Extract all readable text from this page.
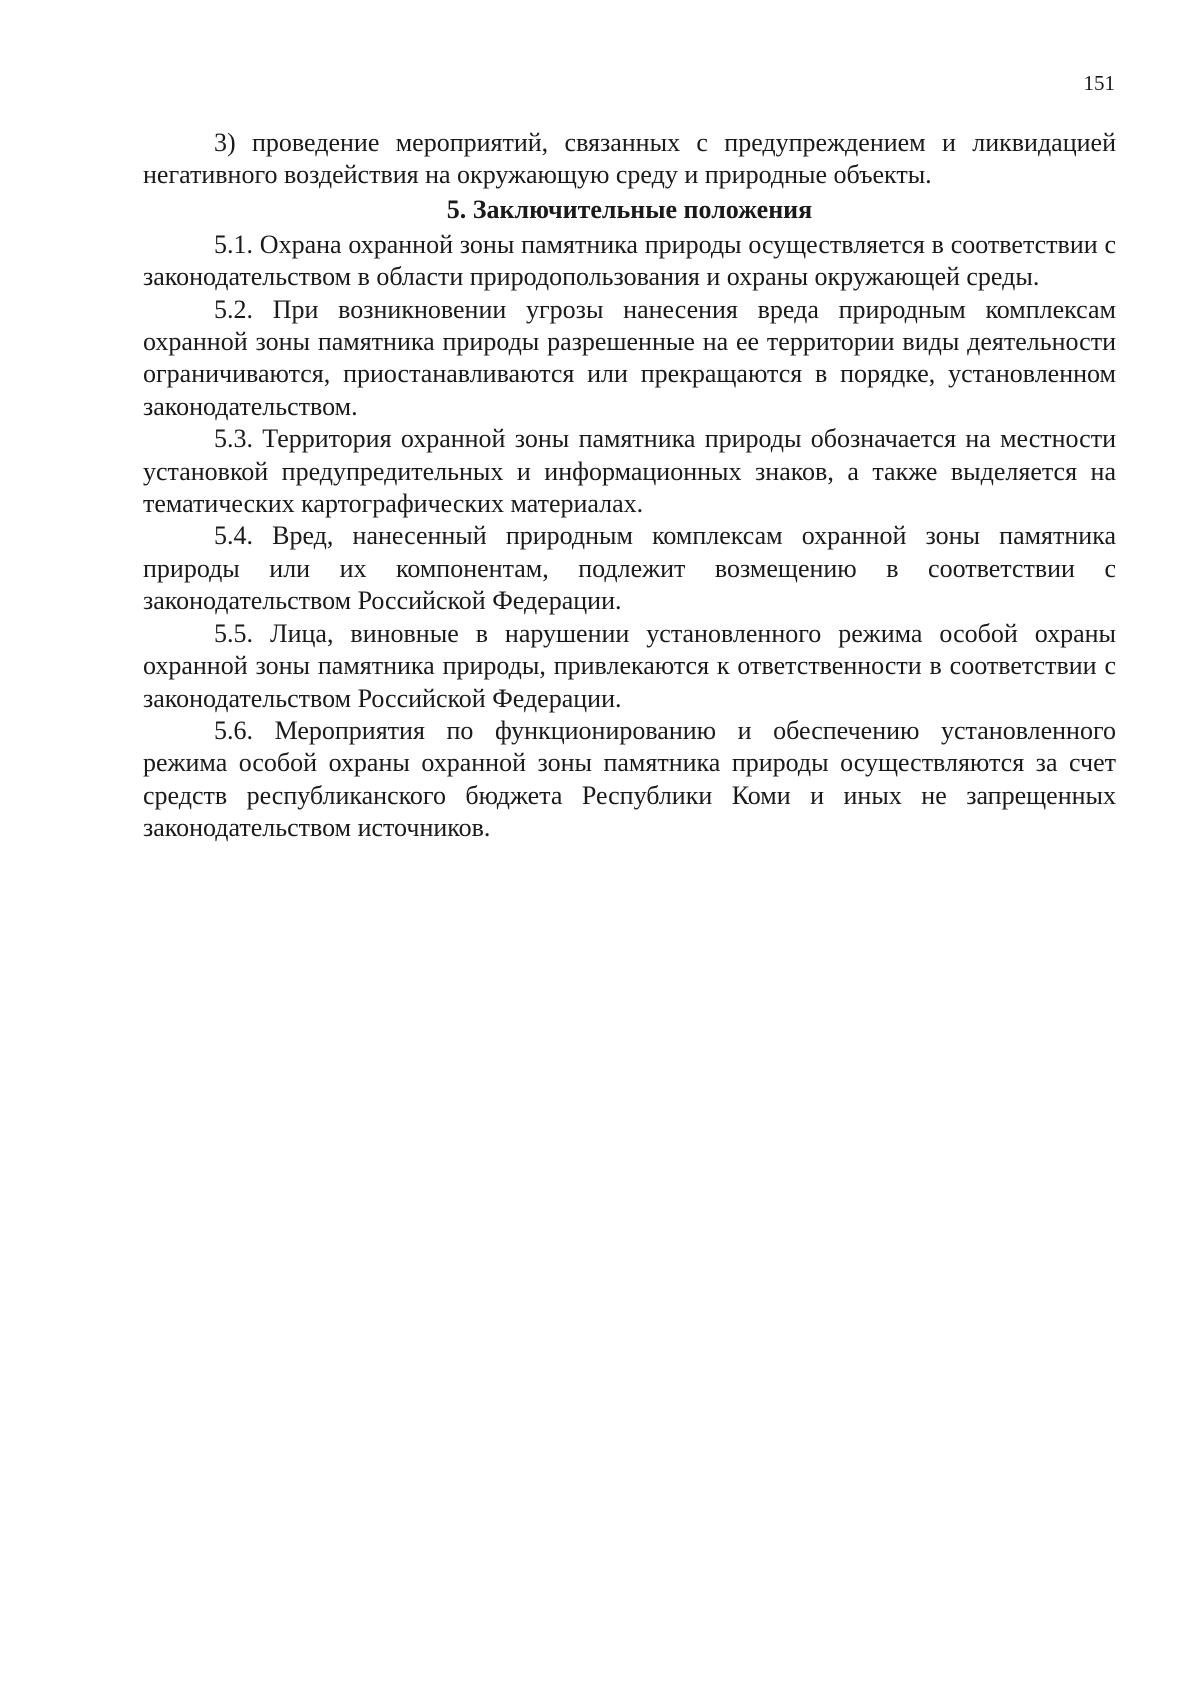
151

3) проведение мероприятий, связанных с предупреждением и ликвидацией негативного воздействия на окружающую среду и природные объекты.

5. Заключительные положения

5.1. Охрана охранной зоны памятника природы осуществляется в соответствии с законодательством в области природопользования и охраны окружающей среды.

5.2. При возникновении угрозы нанесения вреда природным комплексам охранной зоны памятника природы разрешенные на ее территории виды деятельности ограничиваются, приостанавливаются или прекращаются в порядке, установленном законодательством.

5.3. Территория охранной зоны памятника природы обозначается на местности установкой предупредительных и информационных знаков, а также выделяется на тематических картографических материалах.

5.4. Вред, нанесенный природным комплексам охранной зоны памятника природы или их компонентам, подлежит возмещению в соответствии с законодательством Российской Федерации.

5.5. Лица, виновные в нарушении установленного режима особой охраны охранной зоны памятника природы, привлекаются к ответственности в соответствии с законодательством Российской Федерации.

5.6. Мероприятия по функционированию и обеспечению установленного режима особой охраны охранной зоны памятника природы осуществляются за счет средств республиканского бюджета Республики Коми и иных не запрещенных законодательством источников.
